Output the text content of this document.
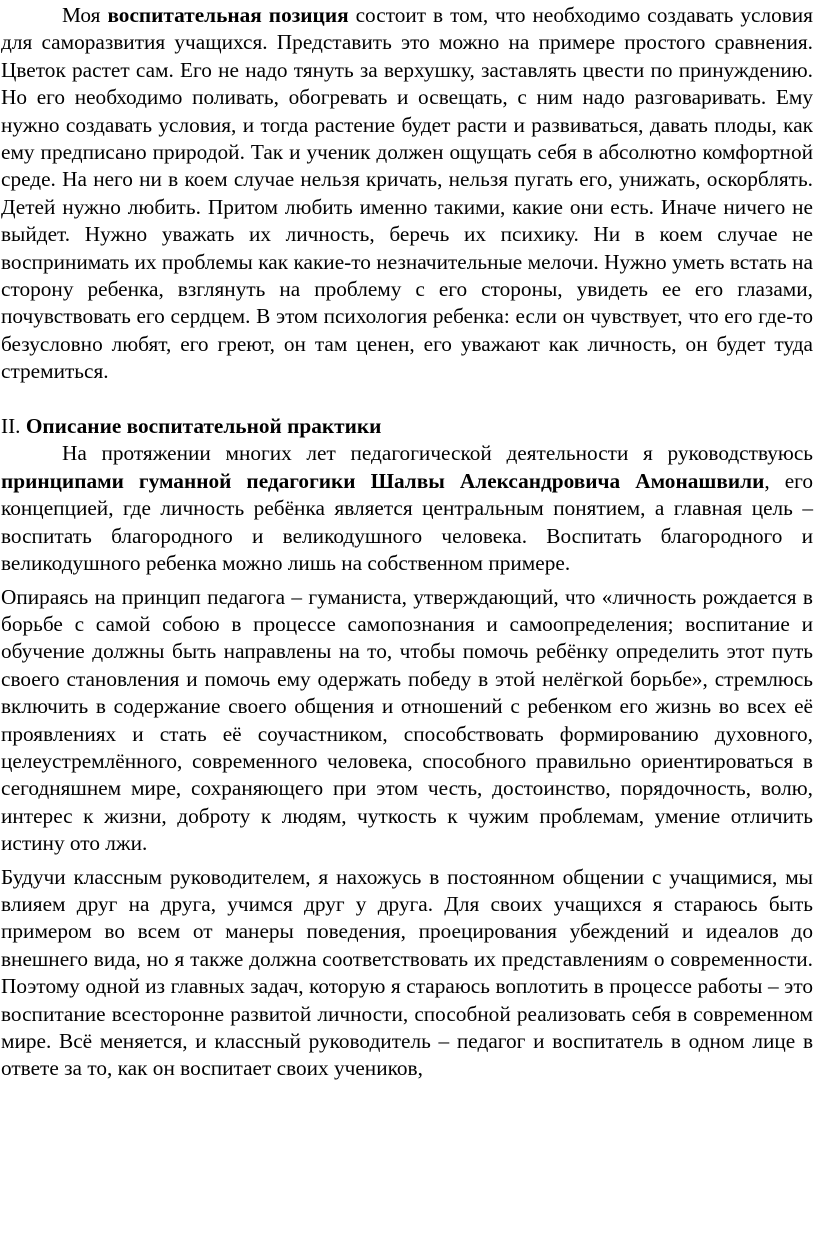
Моя воспитательная позиция состоит в том, что необходимо создавать условия для саморазвития учащихся. Представить это можно на примере простого сравнения. Цветок растет сам. Его не надо тянуть за верхушку, заставлять цвести по принуждению. Но его необходимо поливать, обогревать и освещать, с ним надо разговаривать. Ему нужно создавать условия, и тогда растение будет расти и развиваться, давать плоды, как ему предписано природой. Так и ученик должен ощущать себя в абсолютно комфортной среде. На него ни в коем случае нельзя кричать, нельзя пугать его, унижать, оскорблять. Детей нужно любить. Притом любить именно такими, какие они есть. Иначе ничего не выйдет. Нужно уважать их личность, беречь их психику. Ни в коем случае не воспринимать их проблемы как какие-то незначительные мелочи. Нужно уметь встать на сторону ребенка, взглянуть на проблему с его стороны, увидеть ее его глазами, почувствовать его сердцем. В этом психология ребенка: если он чувствует, что его где-то безусловно любят, его греют, он там ценен, его уважают как личность, он будет туда стремиться.

II. Описание воспитательной практики

На протяжении многих лет педагогической деятельности я руководствуюсь принципами гуманной педагогики Шалвы Александровича Амонашвили, его концепцией, где личность ребёнка является центральным понятием, а главная цель – воспитать благородного и великодушного человека. Воспитать благородного и великодушного ребенка можно лишь на собственном примере.

Опираясь на принцип педагога – гуманиста, утверждающий, что «личность рождается в борьбе с самой собою в процессе самопознания и самоопределения; воспитание и обучение должны быть направлены на то, чтобы помочь ребёнку определить этот путь своего становления и помочь ему одержать победу в этой нелёгкой борьбе», стремлюсь включить в содержание своего общения и отношений с ребенком его жизнь во всех её проявлениях и стать её соучастником, способствовать формированию духовного, целеустремлённого, современного человека, способного правильно ориентироваться в сегодняшнем мире, сохраняющего при этом честь, достоинство, порядочность, волю, интерес к жизни, доброту к людям, чуткость к чужим проблемам, умение отличить истину ото лжи.

Будучи классным руководителем, я нахожусь в постоянном общении с учащимися, мы влияем друг на друга, учимся друг у друга. Для своих учащихся я стараюсь быть примером во всем от манеры поведения, проецирования убеждений и идеалов до внешнего вида, но я также должна соответствовать их представлениям о современности. Поэтому одной из главных задач, которую я стараюсь воплотить в процессе работы – это воспитание всесторонне развитой личности, способной реализовать себя в современном мире. Всё меняется, и классный руководитель – педагог и воспитатель в одном лице в ответе за то, как он воспитает своих учеников,
